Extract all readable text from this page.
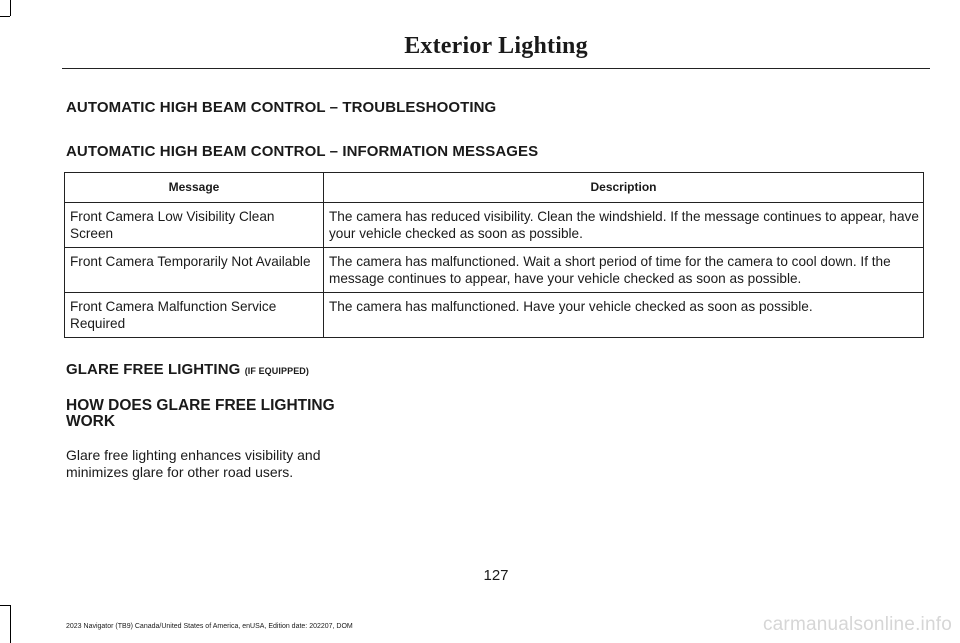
Exterior Lighting
AUTOMATIC HIGH BEAM CONTROL – TROUBLESHOOTING
AUTOMATIC HIGH BEAM CONTROL – INFORMATION MESSAGES
Message	Description
Front Camera Low Visibility Clean Screen	The camera has reduced visibility. Clean the windshield. If the message continues to appear, have your vehicle checked as soon as possible.
Front Camera Temporarily Not Available	The camera has malfunctioned. Wait a short period of time for the camera to cool down. If the message continues to appear, have your vehicle checked as soon as possible.
Front Camera Malfunction Service Required	The camera has malfunctioned. Have your vehicle checked as soon as possible.
GLARE FREE LIGHTING (IF EQUIPPED)
HOW DOES GLARE FREE LIGHTING WORK

Glare free lighting enhances visibility and minimizes glare for other road users.

127
2023 Navigator (TB9) Canada/United States of America, enUSA, Edition date: 202207, DOM	carmanualsonline.info
